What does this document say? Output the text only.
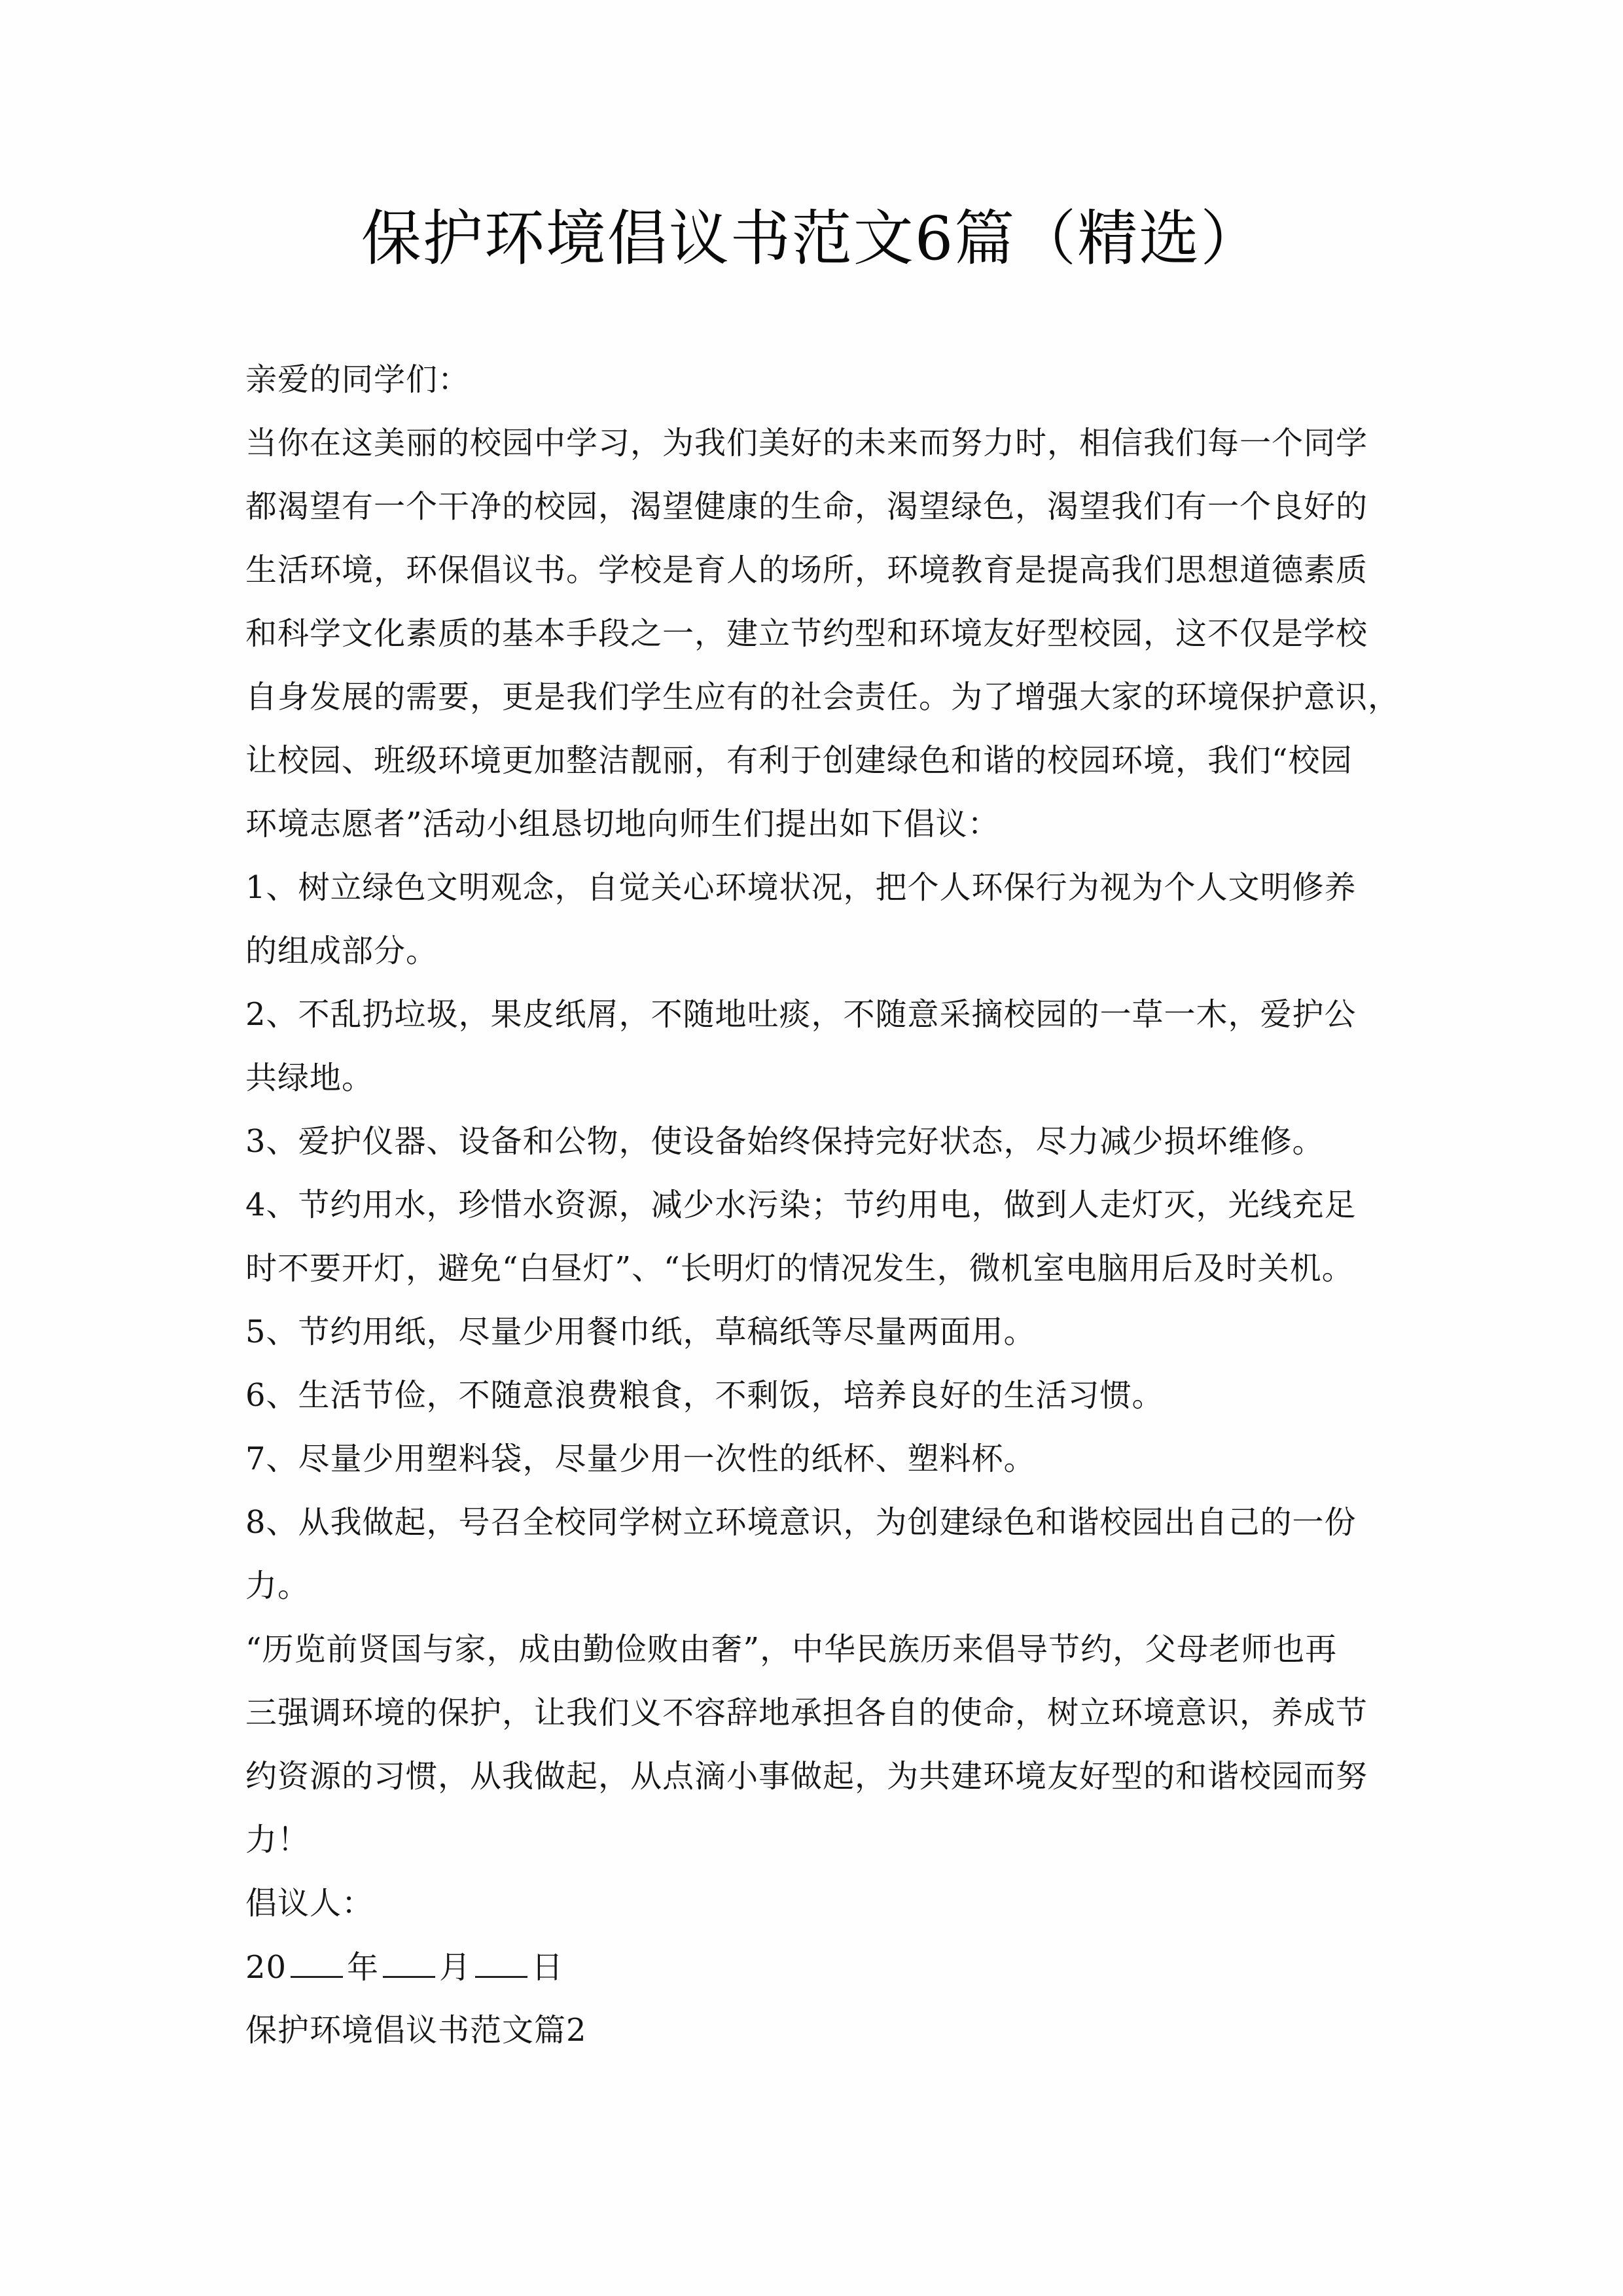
保护环境倡议书范文6篇（精选）
亲爱的同学们：
当你在这美丽的校园中学习，为我们美好的未来而努力时，相信我们每一个同学
都渴望有一个干净的校园，渴望健康的生命，渴望绿色，渴望我们有一个良好的
生活环境，环保倡议书。学校是育人的场所，环境教育是提高我们思想道德素质
和科学文化素质的基本手段之一，建立节约型和环境友好型校园，这不仅是学校
自身发展的需要，更是我们学生应有的社会责任。为了增强大家的环境保护意识，
让校园、班级环境更加整洁靓丽，有利于创建绿色和谐的校园环境，我们“校园
环境志愿者”活动小组恳切地向师生们提出如下倡议：
1、树立绿色文明观念，自觉关心环境状况，把个人环保行为视为个人文明修养
的组成部分。
2、不乱扔垃圾，果皮纸屑，不随地吐痰，不随意采摘校园的一草一木，爱护公
共绿地。
3、爱护仪器、设备和公物，使设备始终保持完好状态，尽力减少损坏维修。
4、节约用水，珍惜水资源，减少水污染；节约用电，做到人走灯灭，光线充足
时不要开灯，避免“白昼灯”、“长明灯的情况发生，微机室电脑用后及时关机。
5、节约用纸，尽量少用餐巾纸，草稿纸等尽量两面用。
6、生活节俭，不随意浪费粮食，不剩饭，培养良好的生活习惯。
7、尽量少用塑料袋，尽量少用一次性的纸杯、塑料杯。
8、从我做起，号召全校同学树立环境意识，为创建绿色和谐校园出自己的一份
力。
“历览前贤国与家，成由勤俭败由奢”，中华民族历来倡导节约，父母老师也再
三强调环境的保护，让我们义不容辞地承担各自的使命，树立环境意识，养成节
约资源的习惯，从我做起，从点滴小事做起，为共建环境友好型的和谐校园而努
力！
倡议人：
20 年 月 日
保护环境倡议书范文篇2
